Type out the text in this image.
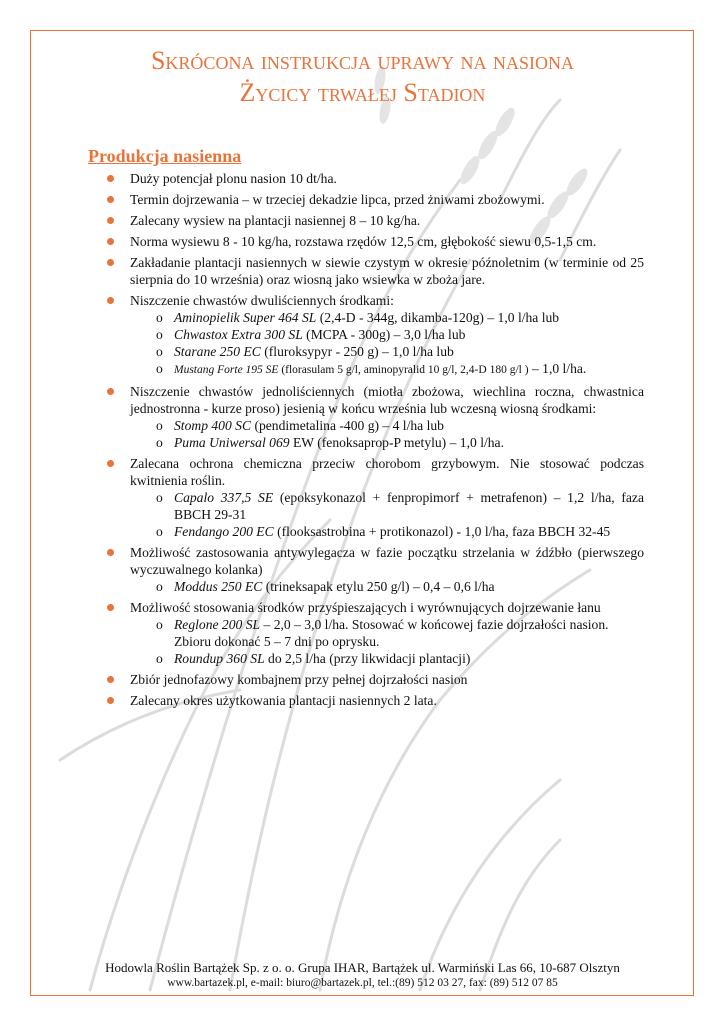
Skrócona instrukcja uprawy na nasiona
Życicy trwałej Stadion
Produkcja nasienna
Duży potencjał plonu nasion 10 dt/ha.
Termin dojrzewania – w trzeciej dekadzie lipca, przed żniwami zbożowymi.
Zalecany wysiew na plantacji nasiennej 8 – 10 kg/ha.
Norma wysiewu 8 - 10 kg/ha, rozstawa rzędów 12,5 cm, głębokość siewu 0,5-1,5 cm.
Zakładanie plantacji nasiennych w siewie czystym w okresie późnoletnim (w terminie od 25 sierpnia do 10 września) oraz wiosną jako wsiewka w zboża jare.
Niszczenie chwastów dwuliściennych środkami:
o Aminopielik Super 464 SL (2,4-D - 344g, dikamba-120g) – 1,0 l/ha lub
o Chwastox Extra 300 SL (MCPA - 300g) – 3,0 l/ha lub
o Starane 250 EC (fluroksypyr - 250 g) – 1,0 l/ha lub
o Mustang Forte 195 SE (florasulam 5 g/l, aminopyralid 10 g/l, 2,4-D 180 g/l ) – 1,0 l/ha.
Niszczenie chwastów jednoliściennych (miotła zbożowa, wiechlina roczna, chwastnica jednostronna - kurze proso) jesienią w końcu września lub wczesną wiosną środkami:
o Stomp 400 SC (pendimetalina -400 g) – 4 l/ha lub
o Puma Uniwersal 069 EW (fenoksaprop-P metylu) – 1,0 l/ha.
Zalecana ochrona chemiczna przeciw chorobom grzybowym. Nie stosować podczas kwitnienia roślin.
o Capalo 337,5 SE (epoksykonazol + fenpropimorf + metrafenon) – 1,2 l/ha, faza BBCH 29-31
o Fendango 200 EC (flooksastrobina + protikonazol) - 1,0 l/ha, faza BBCH 32-45
Możliwość zastosowania antywylegacza w fazie początku strzelania w źdźbło (pierwszego wyczuwalnego kolanka)
o Moddus 250 EC (trineksapak etylu 250 g/l) – 0,4 – 0,6 l/ha
Możliwość stosowania środków przyśpieszających i wyrównujących dojrzewanie łanu
o Reglone 200 SL – 2,0 – 3,0 l/ha. Stosować w końcowej fazie dojrzałości nasion. Zbioru dokonać 5 – 7 dni po oprysku.
o Roundup 360 SL do 2,5 l/ha (przy likwidacji plantacji)
Zbiór jednofazowy kombajnem przy pełnej dojrzałości nasion
Zalecany okres użytkowania plantacji nasiennych 2 lata.
Hodowla Roślin Bartążek Sp. z o. o. Grupa IHAR, Bartążek ul. Warmiński Las 66, 10-687 Olsztyn
www.bartazek.pl, e-mail: biuro@bartazek.pl, tel.:(89) 512 03 27, fax: (89) 512 07 85
